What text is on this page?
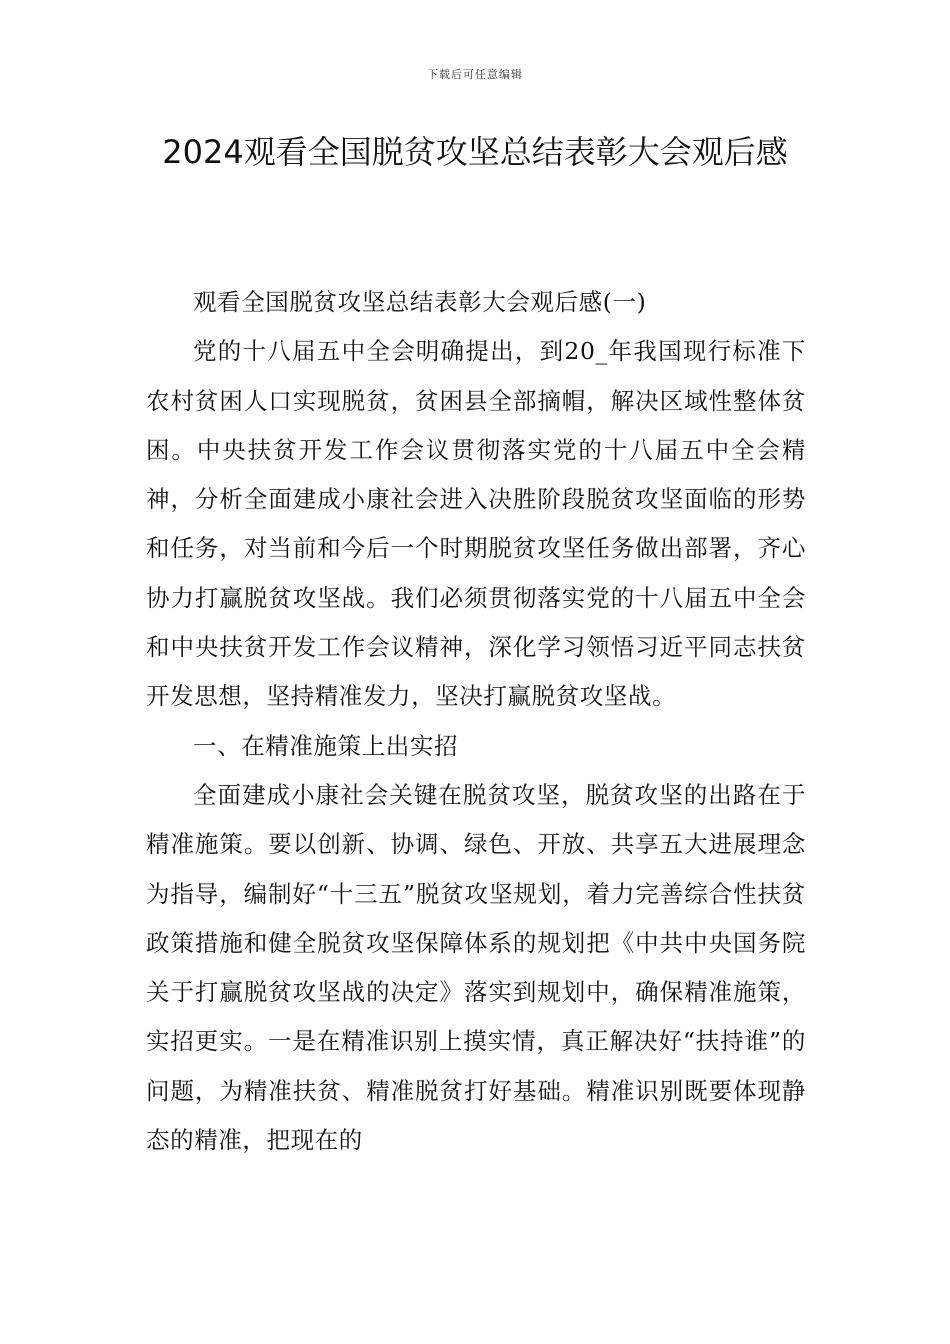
下载后可任意编辑
2024观看全国脱贫攻坚总结表彰大会观后感

观看全国脱贫攻坚总结表彰大会观后感(一)

党的十八届五中全会明确提出，到20_年我国现行标准下农村贫困人口实现脱贫，贫困县全部摘帽，解决区域性整体贫困。中央扶贫开发工作会议贯彻落实党的十八届五中全会精神，分析全面建成小康社会进入决胜阶段脱贫攻坚面临的形势和任务，对当前和今后一个时期脱贫攻坚任务做出部署，齐心协力打赢脱贫攻坚战。我们必须贯彻落实党的十八届五中全会和中央扶贫开发工作会议精神，深化学习领悟习近平同志扶贫开发思想，坚持精准发力，坚决打赢脱贫攻坚战。

一、在精准施策上出实招

全面建成小康社会关键在脱贫攻坚，脱贫攻坚的出路在于精准施策。要以创新、协调、绿色、开放、共享五大进展理念为指导，编制好“十三五”脱贫攻坚规划，着力完善综合性扶贫政策措施和健全脱贫攻坚保障体系的规划把《中共中央国务院关于打赢脱贫攻坚战的决定》落实到规划中，确保精准施策，实招更实。一是在精准识别上摸实情，真正解决好“扶持谁”的问题，为精准扶贫、精准脱贫打好基础。精准识别既要体现静态的精准，把现在的
